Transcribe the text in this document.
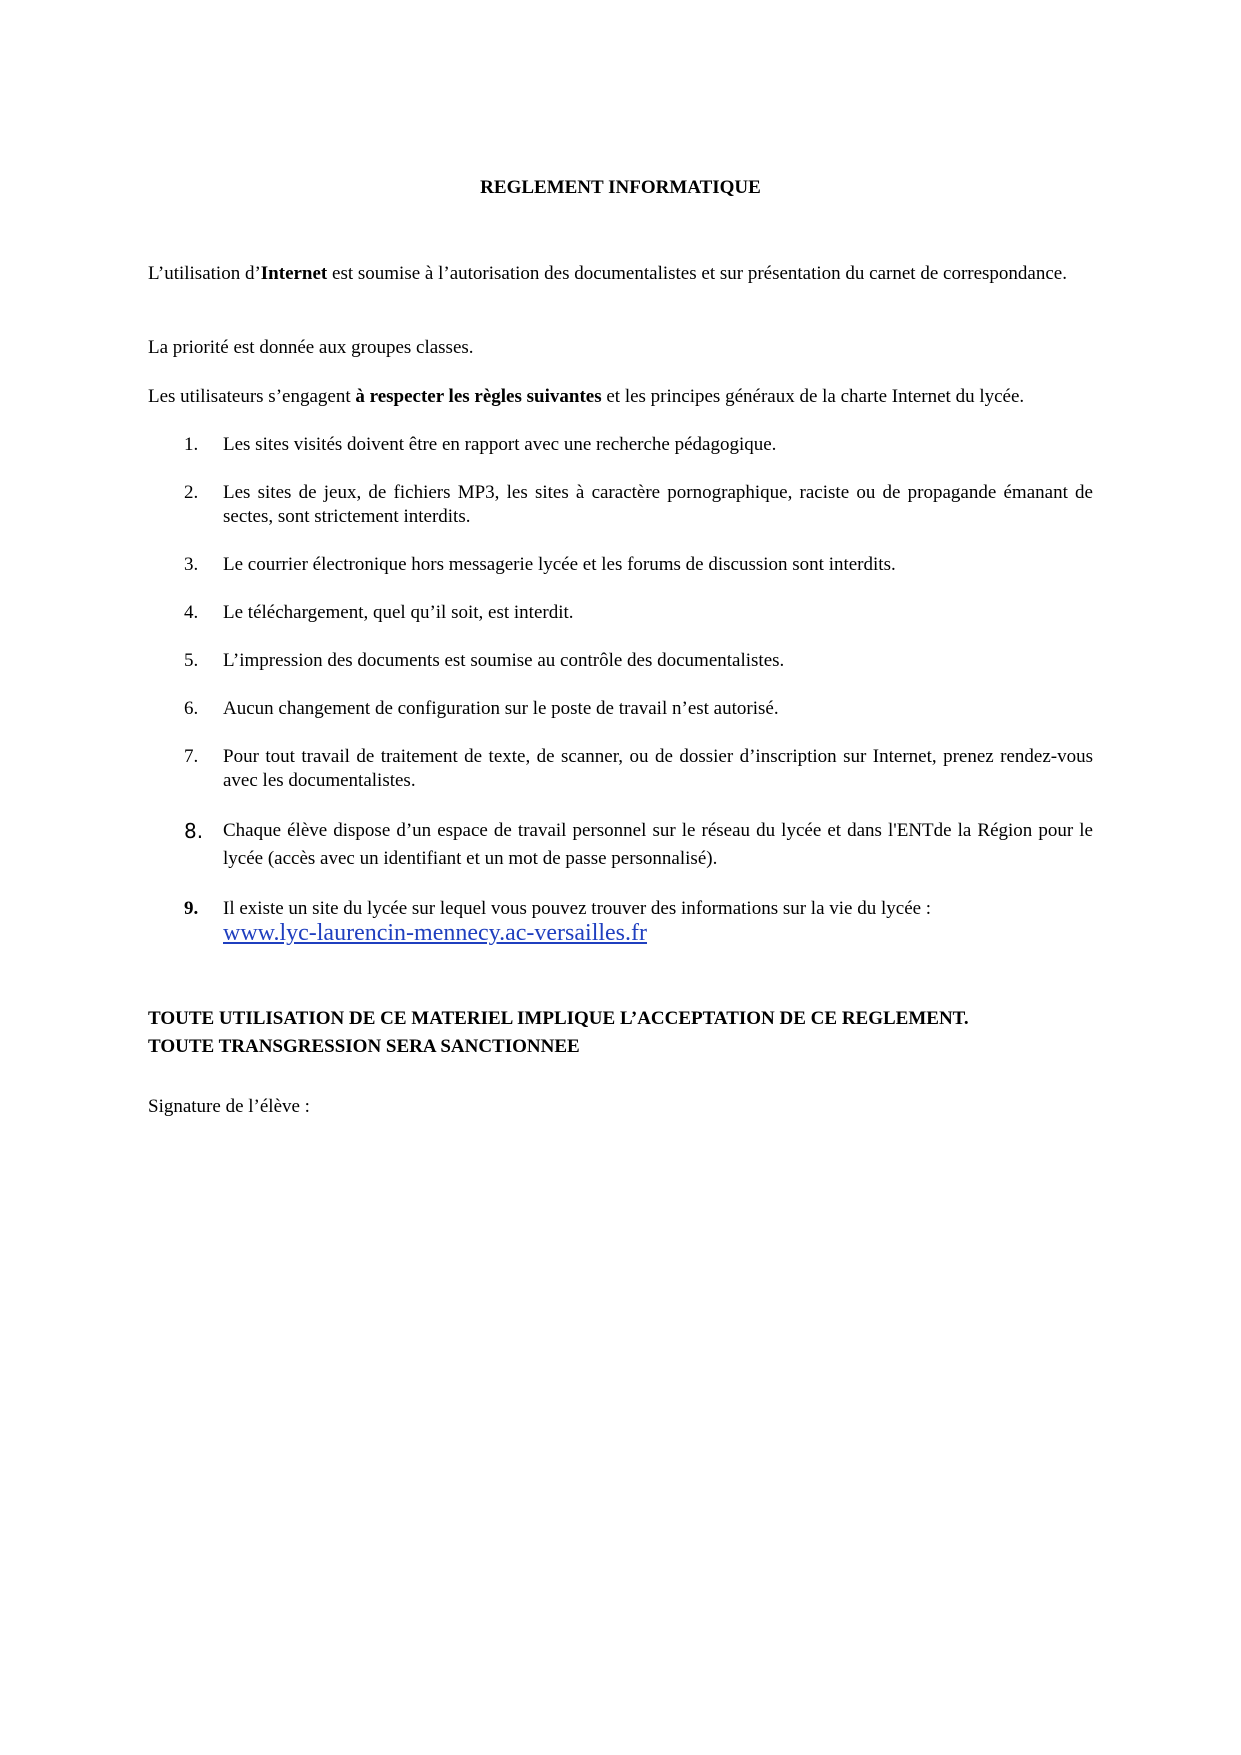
REGLEMENT INFORMATIQUE
L’utilisation d’Internet est soumise à l’autorisation des documentalistes et sur présentation du carnet de correspondance.
La priorité est donnée aux groupes classes.
Les utilisateurs s’engagent à respecter les règles suivantes et les principes généraux de la charte Internet du lycée.
1. Les sites visités doivent être en rapport avec une recherche pédagogique.
2. Les sites de jeux, de fichiers MP3, les sites à caractère pornographique, raciste ou de propagande émanant de sectes, sont strictement interdits.
3. Le courrier électronique hors messagerie lycée et les forums de discussion sont interdits.
4. Le téléchargement, quel qu’il soit, est interdit.
5. L’impression des documents est soumise au contrôle des documentalistes.
6. Aucun changement de configuration sur le poste de travail n’est autorisé.
7. Pour tout travail de traitement de texte, de scanner, ou de dossier d’inscription sur Internet, prenez rendez-vous avec les documentalistes.
8. Chaque élève dispose d’un espace de travail personnel sur le réseau du lycée et dans l'ENTde la Région pour le lycée (accès avec un identifiant et un mot de passe personnalisé).
9. Il existe un site du lycée sur lequel vous pouvez trouver des informations sur la vie du lycée :
www.lyc-laurencin-mennecy.ac-versailles.fr
TOUTE UTILISATION DE CE MATERIEL IMPLIQUE L’ACCEPTATION DE CE REGLEMENT.
TOUTE TRANSGRESSION SERA SANCTIONNEE
Signature de l’élève :
